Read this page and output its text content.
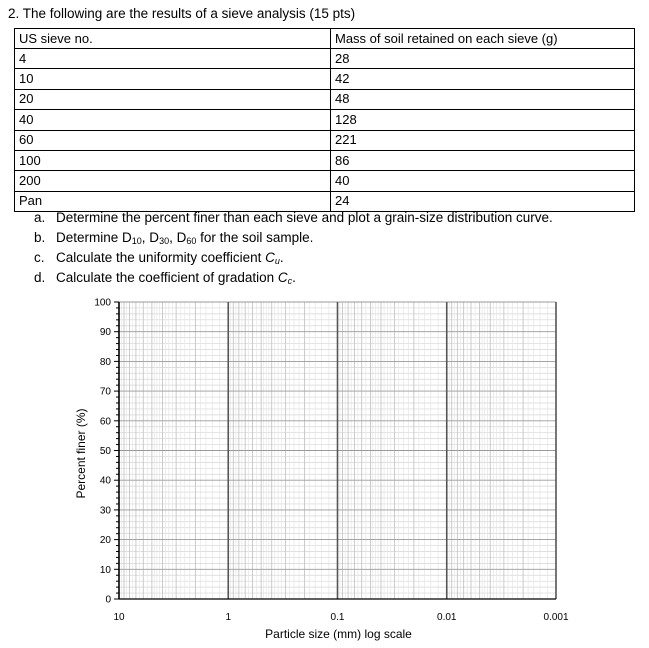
2. The following are the results of a sieve analysis (15 pts)
US sieve no.	Mass of soil retained on each sieve (g)
4	28
10	42
20	48
40	128
60	221
100	86
200	40
Pan	24
a. Determine the percent finer than each sieve and plot a grain-size distribution curve.
b. Determine $D_{10}$, $D_{30}$, $D_{60}$ for the soil sample.
c. Calculate the uniformity coefficient $C_u$.
d. Calculate the coefficient of gradation $C_c$.
0
10
20
30
40
50
60
70
80
90
100
10	1	0.1	0.01	0.001
Particle size (mm) log scale
Percent finer (%)
